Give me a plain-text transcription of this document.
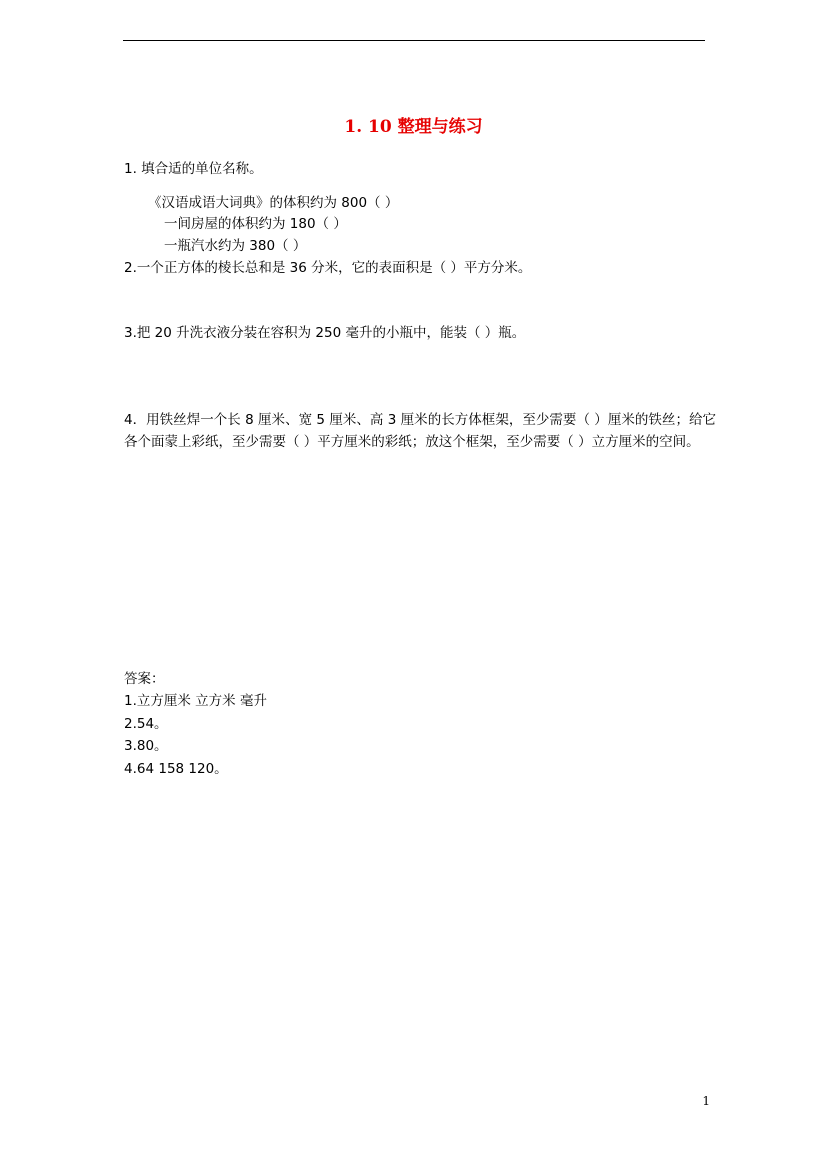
1. 10 整理与练习
1. 填合适的单位名称。
《汉语成语大词典》的体积约为 800（ ）
一间房屋的体积约为 180（ ）
一瓶汽水约为 380（ ）
2.一个正方体的棱长总和是 36 分米，它的表面积是（ ）平方分米。
3.把 20 升洗衣液分装在容积为 250 毫升的小瓶中，能装（ ）瓶。
4．用铁丝焊一个长 8 厘米、宽 5 厘米、高 3 厘米的长方体框架，至少需要（ ）厘米的铁丝；给它各个面蒙上彩纸，至少需要（ ）平方厘米的彩纸；放这个框架，至少需要（ ）立方厘米的空间。
答案：
1.立方厘米 立方米 毫升
2.54。
3.80。
4.64 158 120。
1
